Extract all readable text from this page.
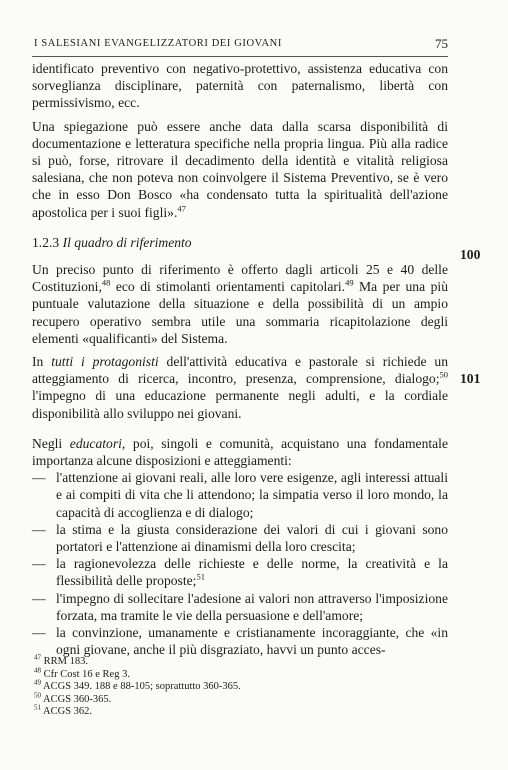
I SALESIANI EVANGELIZZATORI DEI GIOVANI	75

identificato preventivo con negativo-protettivo, assistenza educativa con sorveglianza disciplinare, paternità con paternalismo, libertà con permissivismo, ecc.

Una spiegazione può essere anche data dalla scarsa disponibilità di documentazione e letteratura specifiche nella propria lingua. Più alla radice si può, forse, ritrovare il decadimento della identità e vitalità religiosa salesiana, che non poteva non coinvolgere il Sistema Preventivo, se è vero che in esso Don Bosco «ha condensato tutta la spiritualità dell'azione apostolica per i suoi figli».$^{47}$

1.2.3 Il quadro di riferimento

Un preciso punto di riferimento è offerto dagli articoli 25 e 40 delle Costituzioni,$^{48}$ eco di stimolanti orientamenti capitolari.$^{49}$ Ma per una più puntuale valutazione della situazione e della possibilità di un ampio recupero operativo sembra utile una sommaria ricapitolazione degli elementi «qualificanti» del Sistema.

In tutti i protagonisti dell'attività educativa e pastorale si richiede un atteggiamento di ricerca, incontro, presenza, comprensione, dialogo;$^{50}$ l'impegno di una educazione permanente negli adulti, e la cordiale disponibilità allo sviluppo nei giovani.

Negli educatori, poi, singoli e comunità, acquistano una fondamentale importanza alcune disposizioni e atteggiamenti:

— l'attenzione ai giovani reali, alle loro vere esigenze, agli interessi attuali e ai compiti di vita che li attendono; la simpatia verso il loro mondo, la capacità di accoglienza e di dialogo;
— la stima e la giusta considerazione dei valori di cui i giovani sono portatori e l'attenzione ai dinamismi della loro crescita;
— la ragionevolezza delle richieste e delle norme, la creatività e la flessibilità delle proposte;$^{51}$
— l'impegno di sollecitare l'adesione ai valori non attraverso l'imposizione forzata, ma tramite le vie della persuasione e dell'amore;
— la convinzione, umanamente e cristianamente incoraggiante, che «in ogni giovane, anche il più disgraziato, havvi un punto acces-
100
101
$^{47}$ RRM 183.
$^{48}$ Cfr Cost 16 e Reg 3.
$^{49}$ ACGS 349. 188 e 88-105; soprattutto 360-365.
$^{50}$ ACGS 360-365.
$^{51}$ ACGS 362.
